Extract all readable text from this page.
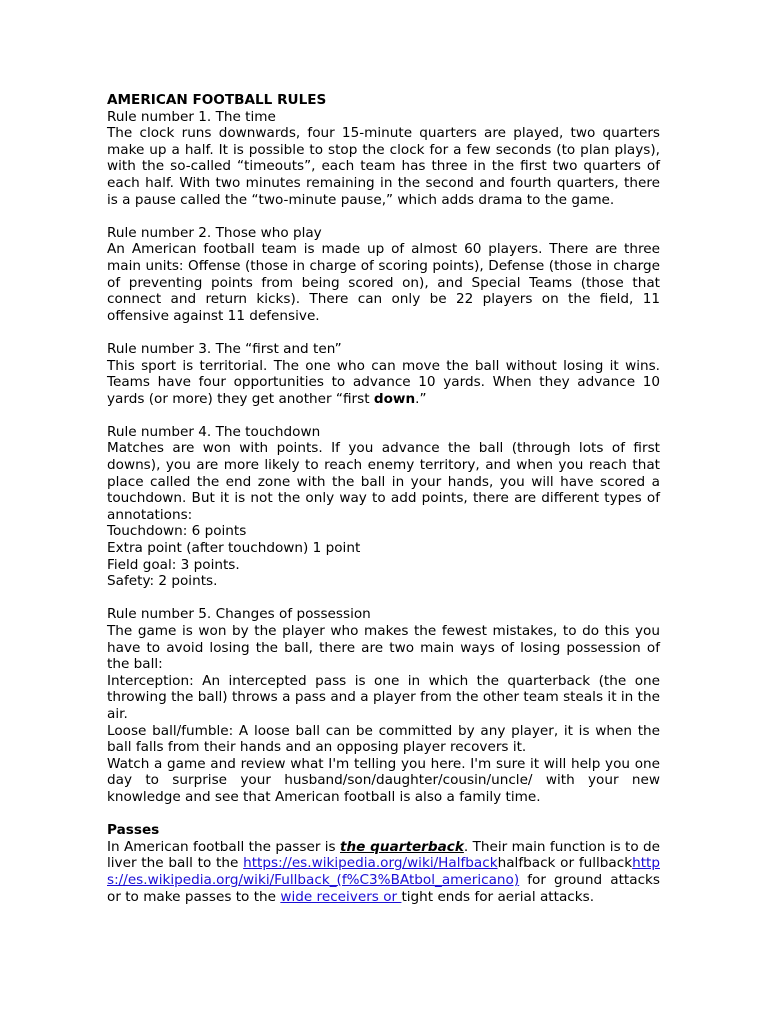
AMERICAN FOOTBALL RULES

Rule number 1. The time

The clock runs downwards, four 15-minute quarters are played, two quarters make up a half. It is possible to stop the clock for a few seconds (to plan plays), with the so-called “timeouts”, each team has three in the first two quarters of each half. With two minutes remaining in the second and fourth quarters, there is a pause called the “two-minute pause,” which adds drama to the game.

Rule number 2. Those who play

An American football team is made up of almost 60 players. There are three main units: Offense (those in charge of scoring points), Defense (those in charge of preventing points from being scored on), and Special Teams (those that connect and return kicks). There can only be 22 players on the field, 11 offensive against 11 defensive.

Rule number 3. The “first and ten”

This sport is territorial. The one who can move the ball without losing it wins. Teams have four opportunities to advance 10 yards. When they advance 10 yards (or more) they get another “first down.”

Rule number 4. The touchdown

Matches are won with points. If you advance the ball (through lots of first downs), you are more likely to reach enemy territory, and when you reach that place called the end zone with the ball in your hands, you will have scored a touchdown. But it is not the only way to add points, there are different types of annotations:

Touchdown: 6 points

Extra point (after touchdown) 1 point

Field goal: 3 points.

Safety: 2 points.

Rule number 5. Changes of possession

The game is won by the player who makes the fewest mistakes, to do this you have to avoid losing the ball, there are two main ways of losing possession of the ball:

Interception: An intercepted pass is one in which the quarterback (the one throwing the ball) throws a pass and a player from the other team steals it in the air.

Loose ball/fumble: A loose ball can be committed by any player, it is when the ball falls from their hands and an opposing player recovers it.

Watch a game and review what I'm telling you here. I'm sure it will help you one day to surprise your husband/son/daughter/cousin/uncle/ with your new knowledge and see that American football is also a family time.

Passes

In American football the passer is the quarterback. Their main function is to deliver the ball to the https://es.wikipedia.org/wiki/Halfbackhalfback or fullbackhttps://es.wikipedia.org/wiki/Fullback_(f%C3%BAtbol_americano) for ground attacks or to make passes to the wide receivers or tight ends for aerial attacks.
